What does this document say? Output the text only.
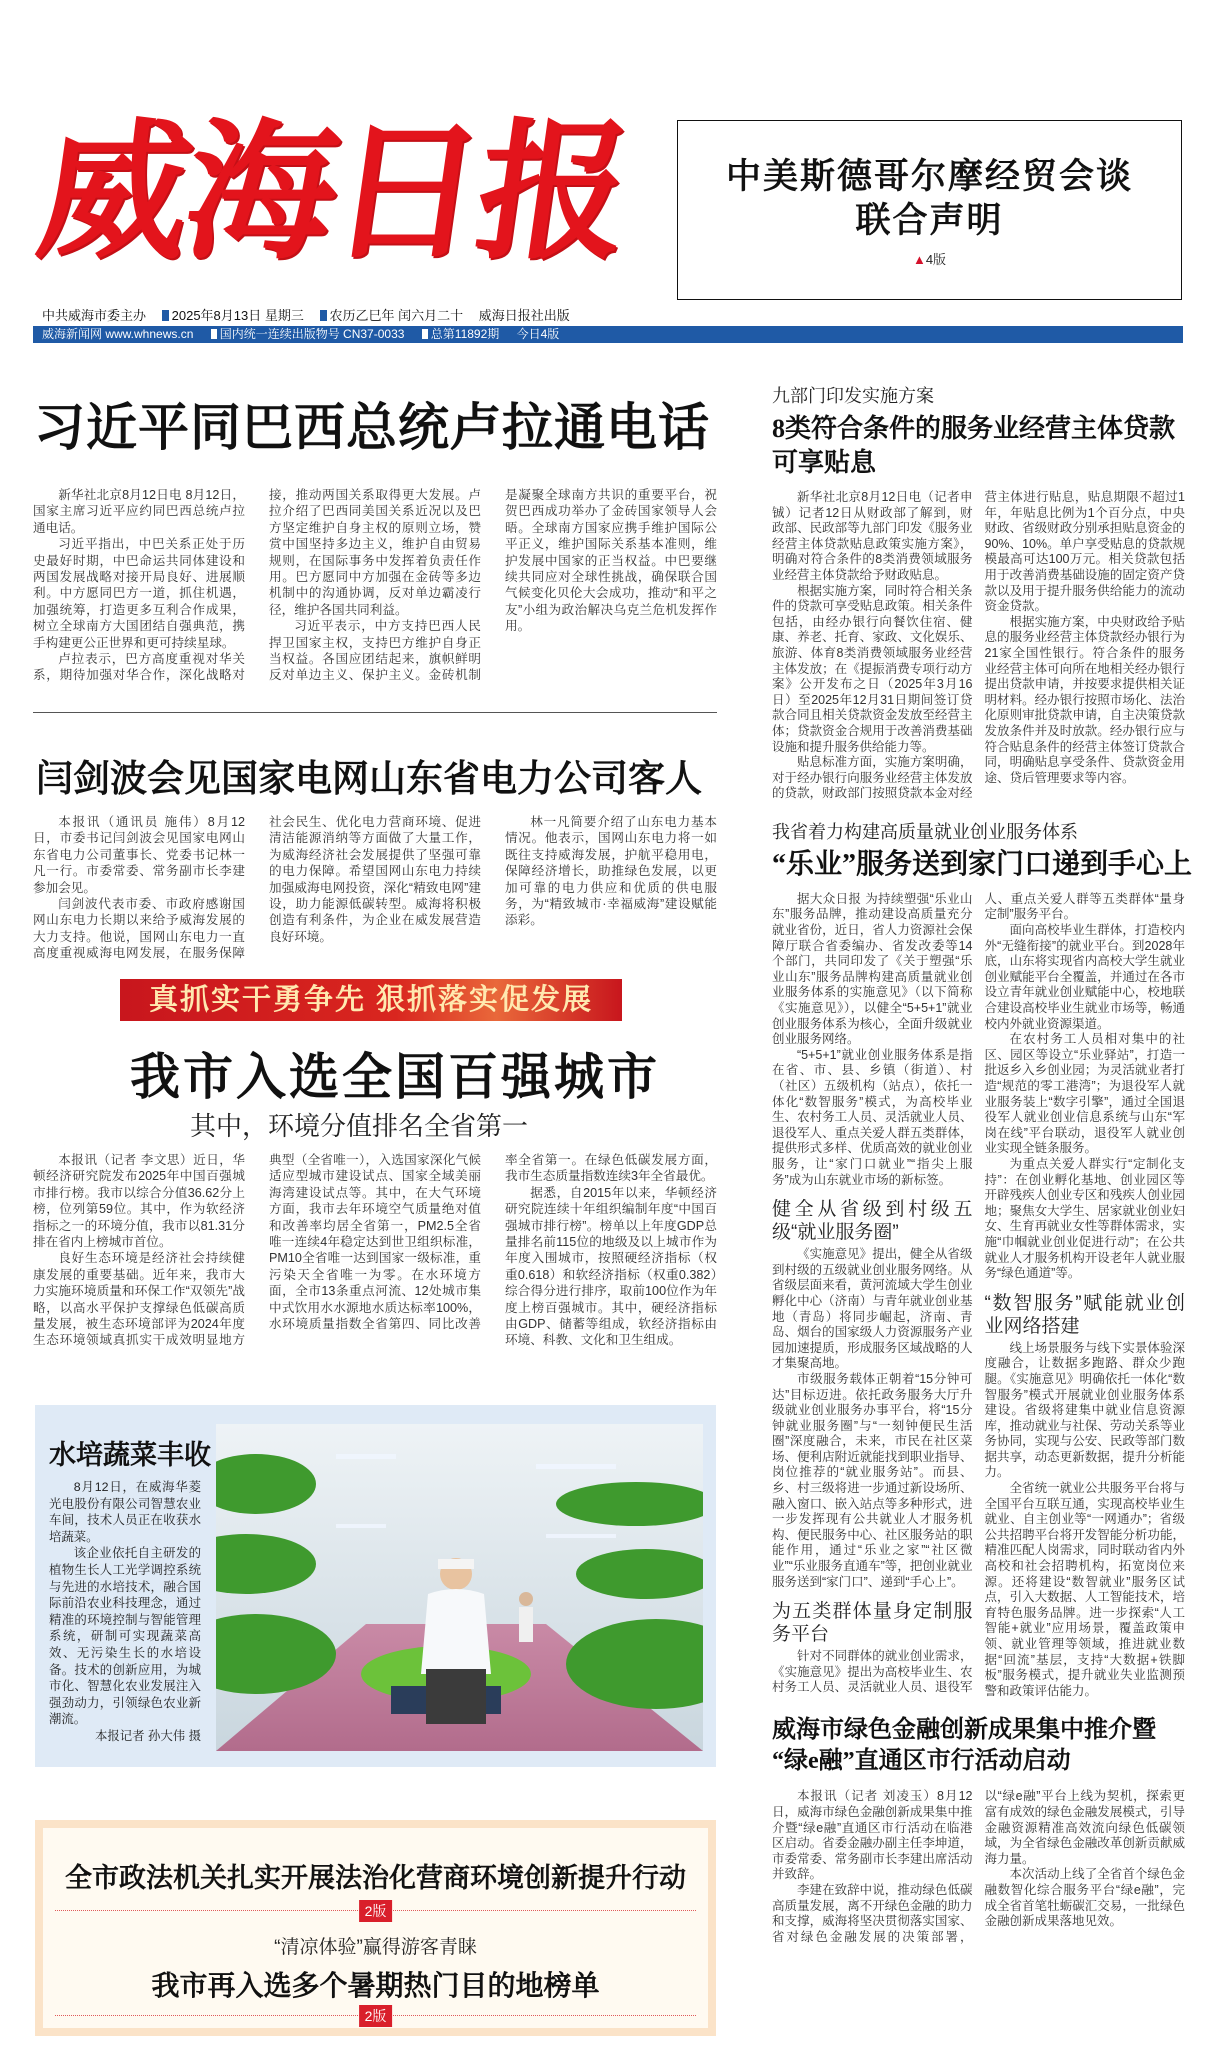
威海日报	中美斯德哥尔摩经贸会谈
联合声明
▲4版
中共威海市委主办 2025年8月13日 星期三 农历乙巳年 闰六月二十 威海日报社出版
威海新闻网 www.whnews.cn 国内统一连续出版物号 CN37-0033 总第11892期 今日4版
习近平同巴西总统卢拉通电话

新华社北京8月12日电 8月12日，国家主席习近平应约同巴西总统卢拉通电话。

习近平指出，中巴关系正处于历史最好时期，中巴命运共同体建设和两国发展战略对接开局良好、进展顺利。中方愿同巴方一道，抓住机遇，加强统筹，打造更多互利合作成果，树立全球南方大国团结自强典范，携手构建更公正世界和更可持续星球。

卢拉表示，巴方高度重视对华关系，期待加强对华合作，深化战略对接，推动两国关系取得更大发展。卢拉介绍了巴西同美国关系近况以及巴方坚定维护自身主权的原则立场，赞赏中国坚持多边主义，维护自由贸易规则，在国际事务中发挥着负责任作用。巴方愿同中方加强在金砖等多边机制中的沟通协调，反对单边霸凌行径，维护各国共同利益。

习近平表示，中方支持巴西人民捍卫国家主权，支持巴方维护自身正当权益。各国应团结起来，旗帜鲜明反对单边主义、保护主义。金砖机制是凝聚全球南方共识的重要平台，祝贺巴西成功举办了金砖国家领导人会晤。全球南方国家应携手维护国际公平正义，维护国际关系基本准则，维护发展中国家的正当权益。中巴要继续共同应对全球性挑战，确保联合国气候变化贝伦大会成功，推动“和平之友”小组为政治解决乌克兰危机发挥作用。

闫剑波会见国家电网山东省电力公司客人

本报讯（通讯员 施伟）8月12日，市委书记闫剑波会见国家电网山东省电力公司董事长、党委书记林一凡一行。市委常委、常务副市长李建参加会见。

闫剑波代表市委、市政府感谢国网山东电力长期以来给予威海发展的大力支持。他说，国网山东电力一直高度重视威海电网发展，在服务保障社会民生、优化电力营商环境、促进清洁能源消纳等方面做了大量工作，为威海经济社会发展提供了坚强可靠的电力保障。希望国网山东电力持续加强威海电网投资，深化“精致电网”建设，助力能源低碳转型。威海将积极创造有利条件，为企业在威发展营造良好环境。

林一凡简要介绍了山东电力基本情况。他表示，国网山东电力将一如既往支持威海发展，护航平稳用电，保障经济增长，助推绿色发展，以更加可靠的电力供应和优质的供电服务，为“精致城市·幸福威海”建设赋能添彩。

真抓实干勇争先 狠抓落实促发展
我市入选全国百强城市
其中，环境分值排名全省第一

本报讯（记者 李文思）近日，华顿经济研究院发布2025年中国百强城市排行榜。我市以综合分值36.62分上榜，位列第59位。其中，作为软经济指标之一的环境分值，我市以81.31分排在省内上榜城市首位。

良好生态环境是经济社会持续健康发展的重要基础。近年来，我市大力实施环境质量和环保工作“双领先”战略，以高水平保护支撑绿色低碳高质量发展，被生态环境部评为2024年度生态环境领域真抓实干成效明显地方典型（全省唯一），入选国家深化气候适应型城市建设试点、国家全域美丽海湾建设试点等。其中，在大气环境方面，我市去年环境空气质量绝对值和改善率均居全省第一，PM2.5全省唯一连续4年稳定达到世卫组织标准，PM10全省唯一达到国家一级标准，重污染天全省唯一为零。在水环境方面，全市13条重点河流、12处城市集中式饮用水水源地水质达标率100%，水环境质量指数全省第四、同比改善率全省第一。在绿色低碳发展方面，我市生态质量指数连续3年全省最优。

据悉，自2015年以来，华顿经济研究院连续十年组织编制年度“中国百强城市排行榜”。榜单以上年度GDP总量排名前115位的地级及以上城市作为年度入围城市，按照硬经济指标（权重0.618）和软经济指标（权重0.382）综合得分进行排序，取前100位作为年度上榜百强城市。其中，硬经济指标由GDP、储蓄等组成，软经济指标由环境、科教、文化和卫生组成。

水培蔬菜丰收

8月12日，在威海华菱光电股份有限公司智慧农业车间，技术人员正在收获水培蔬菜。

该企业依托自主研发的植物生长人工光学调控系统与先进的水培技术，融合国际前沿农业科技理念，通过精准的环境控制与智能管理系统，研制可实现蔬菜高效、无污染生长的水培设备。技术的创新应用，为城市化、智慧化农业发展注入强劲动力，引领绿色农业新潮流。

本报记者 孙大伟 摄

全市政法机关扎实开展法治化营商环境创新提升行动
2版
“清凉体验”赢得游客青睐
我市再入选多个暑期热门目的地榜单
2版
九部门印发实施方案
8类符合条件的服务业经营主体贷款可享贴息

新华社北京8月12日电（记者申铖）记者12日从财政部了解到，财政部、民政部等九部门印发《服务业经营主体贷款贴息政策实施方案》，明确对符合条件的8类消费领域服务业经营主体贷款给予财政贴息。

根据实施方案，同时符合相关条件的贷款可享受贴息政策。相关条件包括，由经办银行向餐饮住宿、健康、养老、托育、家政、文化娱乐、旅游、体育8类消费领域服务业经营主体发放；在《提振消费专项行动方案》公开发布之日（2025年3月16日）至2025年12月31日期间签订贷款合同且相关贷款资金发放至经营主体；贷款资金合规用于改善消费基础设施和提升服务供给能力等。

贴息标准方面，实施方案明确，对于经办银行向服务业经营主体发放的贷款，财政部门按照贷款本金对经营主体进行贴息，贴息期限不超过1年，年贴息比例为1个百分点，中央财政、省级财政分别承担贴息资金的90%、10%。单户享受贴息的贷款规模最高可达100万元。相关贷款包括用于改善消费基础设施的固定资产贷款以及用于提升服务供给能力的流动资金贷款。

根据实施方案，中央财政给予贴息的服务业经营主体贷款经办银行为21家全国性银行。符合条件的服务业经营主体可向所在地相关经办银行提出贷款申请，并按要求提供相关证明材料。经办银行按照市场化、法治化原则审批贷款申请，自主决策贷款发放条件并及时放款。经办银行应与符合贴息条件的经营主体签订贷款合同，明确贴息享受条件、贷款资金用途、贷后管理要求等内容。

我省着力构建高质量就业创业服务体系
“乐业”服务送到家门口递到手心上

据大众日报 为持续塑强“乐业山东”服务品牌，推动建设高质量充分就业省份，近日，省人力资源社会保障厅联合省委编办、省发改委等14个部门，共同印发了《关于塑强“乐业山东”服务品牌构建高质量就业创业服务体系的实施意见》（以下简称《实施意见》），以健全“5+5+1”就业创业服务体系为核心，全面升级就业创业服务网络。

“5+5+1”就业创业服务体系是指在省、市、县、乡镇（街道）、村（社区）五级机构（站点），依托一体化“数智服务”模式，为高校毕业生、农村务工人员、灵活就业人员、退役军人、重点关爱人群五类群体，提供形式多样、优质高效的就业创业服务，让“家门口就业”“指尖上服务”成为山东就业市场的新标签。

健全从省级到村级五级“就业服务圈”

《实施意见》提出，健全从省级到村级的五级就业创业服务网络。从省级层面来看，黄河流域大学生创业孵化中心（济南）与青年就业创业基地（青岛）将同步崛起，济南、青岛、烟台的国家级人力资源服务产业园加速提质，形成服务区域战略的人才集聚高地。

市级服务载体正朝着“15分钟可达”目标迈进。依托政务服务大厅升级就业创业服务办事平台，将“15分钟就业服务圈”与“一刻钟便民生活圈”深度融合，未来，市民在社区菜场、便利店附近就能找到职业指导、岗位推荐的“就业服务站”。而县、乡、村三级将进一步通过新设场所、融入窗口、嵌入站点等多种形式，进一步发挥现有公共就业人才服务机构、便民服务中心、社区服务站的职能作用，通过“乐业之家”“社区微业”“乐业服务直通车”等，把创业就业服务送到“家门口”、递到“手心上”。

为五类群体量身定制服务平台

针对不同群体的就业创业需求，《实施意见》提出为高校毕业生、农村务工人员、灵活就业人员、退役军人、重点关爱人群等五类群体“量身定制”服务平台。

面向高校毕业生群体，打造校内外“无缝衔接”的就业平台。到2028年底，山东将实现省内高校大学生就业创业赋能平台全覆盖，并通过在各市设立青年就业创业赋能中心，校地联合建设高校毕业生就业市场等，畅通校内外就业资源渠道。

在农村务工人员相对集中的社区、园区等设立“乐业驿站”，打造一批返乡入乡创业园；为灵活就业者打造“规范的零工港湾”；为退役军人就业服务装上“数字引擎”，通过全国退役军人就业创业信息系统与山东“军岗在线”平台联动，退役军人就业创业实现全链条服务。

为重点关爱人群实行“定制化支持”：在创业孵化基地、创业园区等开辟残疾人创业专区和残疾人创业园地；聚焦女大学生、居家就业创业妇女、生育再就业女性等群体需求，实施“巾帼就业创业促进行动”；在公共就业人才服务机构开设老年人就业服务“绿色通道”等。

“数智服务”赋能就业创业网络搭建

线上场景服务与线下实景体验深度融合，让数据多跑路、群众少跑腿。《实施意见》明确依托一体化“数智服务”模式开展就业创业服务体系建设。省级将建集中就业信息资源库，推动就业与社保、劳动关系等业务协同，实现与公安、民政等部门数据共享，动态更新数据，提升分析能力。

全省统一就业公共服务平台将与全国平台互联互通，实现高校毕业生就业、自主创业等“一网通办”；省级公共招聘平台将开发智能分析功能，精准匹配人岗需求，同时联动省内外高校和社会招聘机构，拓宽岗位来源。还将建设“数智就业”服务区试点，引入大数据、人工智能技术，培育特色服务品牌。进一步探索“人工智能+就业”应用场景，覆盖政策申领、就业管理等领域，推进就业数据“回流”基层，支持“大数据+铁脚板”服务模式，提升就业失业监测预警和政策评估能力。

威海市绿色金融创新成果集中推介暨
“绿e融”直通区市行活动启动

本报讯（记者 刘凌玉）8月12日，威海市绿色金融创新成果集中推介暨“绿e融”直通区市行活动在临港区启动。省委金融办副主任李坤道，市委常委、常务副市长李建出席活动并致辞。

李建在致辞中说，推动绿色低碳高质量发展，离不开绿色金融的助力和支撑，威海将坚决贯彻落实国家、省对绿色金融发展的决策部署，以“绿e融”平台上线为契机，探索更富有成效的绿色金融发展模式，引导金融资源精准高效流向绿色低碳领域，为全省绿色金融改革创新贡献威海力量。

本次活动上线了全省首个绿色金融数智化综合服务平台“绿e融”，完成全省首笔牡蛎碳汇交易，一批绿色金融创新成果落地见效。
